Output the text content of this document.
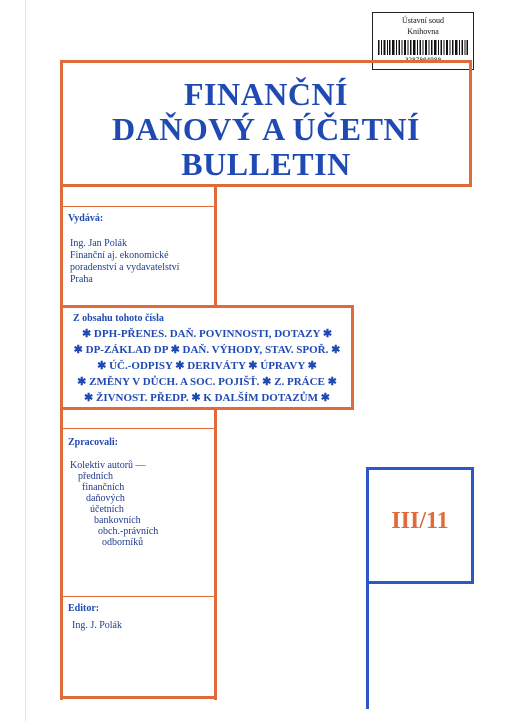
Ústavní soud
Knihovna
3287804980
FINANČNÍ
DAŇOVÝ A ÚČETNÍ
BULLETIN
Vydává:
Ing. Jan Polák
Finanční aj. ekonomické
poradenství a vydavatelství
Praha
Z obsahu tohoto čísla
✱ DPH-PŘENES. DAŇ. POVINNOSTI, DOTAZY ✱
✱ DP-ZÁKLAD DP ✱ DAŇ. VÝHODY, STAV. SPOŘ. ✱
✱ ÚČ.-ODPISY ✱ DERIVÁTY ✱ ÚPRAVY ✱
✱ ZMĚNY V DŮCH. A SOC. POJIŠŤ. ✱ Z. PRÁCE ✱
✱ ŽIVNOST. PŘEDP. ✱ K DALŠÍM DOTAZŮM ✱
Zpracovali:
Kolektiv autorů —
předních
finančních
daňových
účetních
bankovních
obch.-právních
odborníků
III/11
Editor:
Ing. J. Polák
